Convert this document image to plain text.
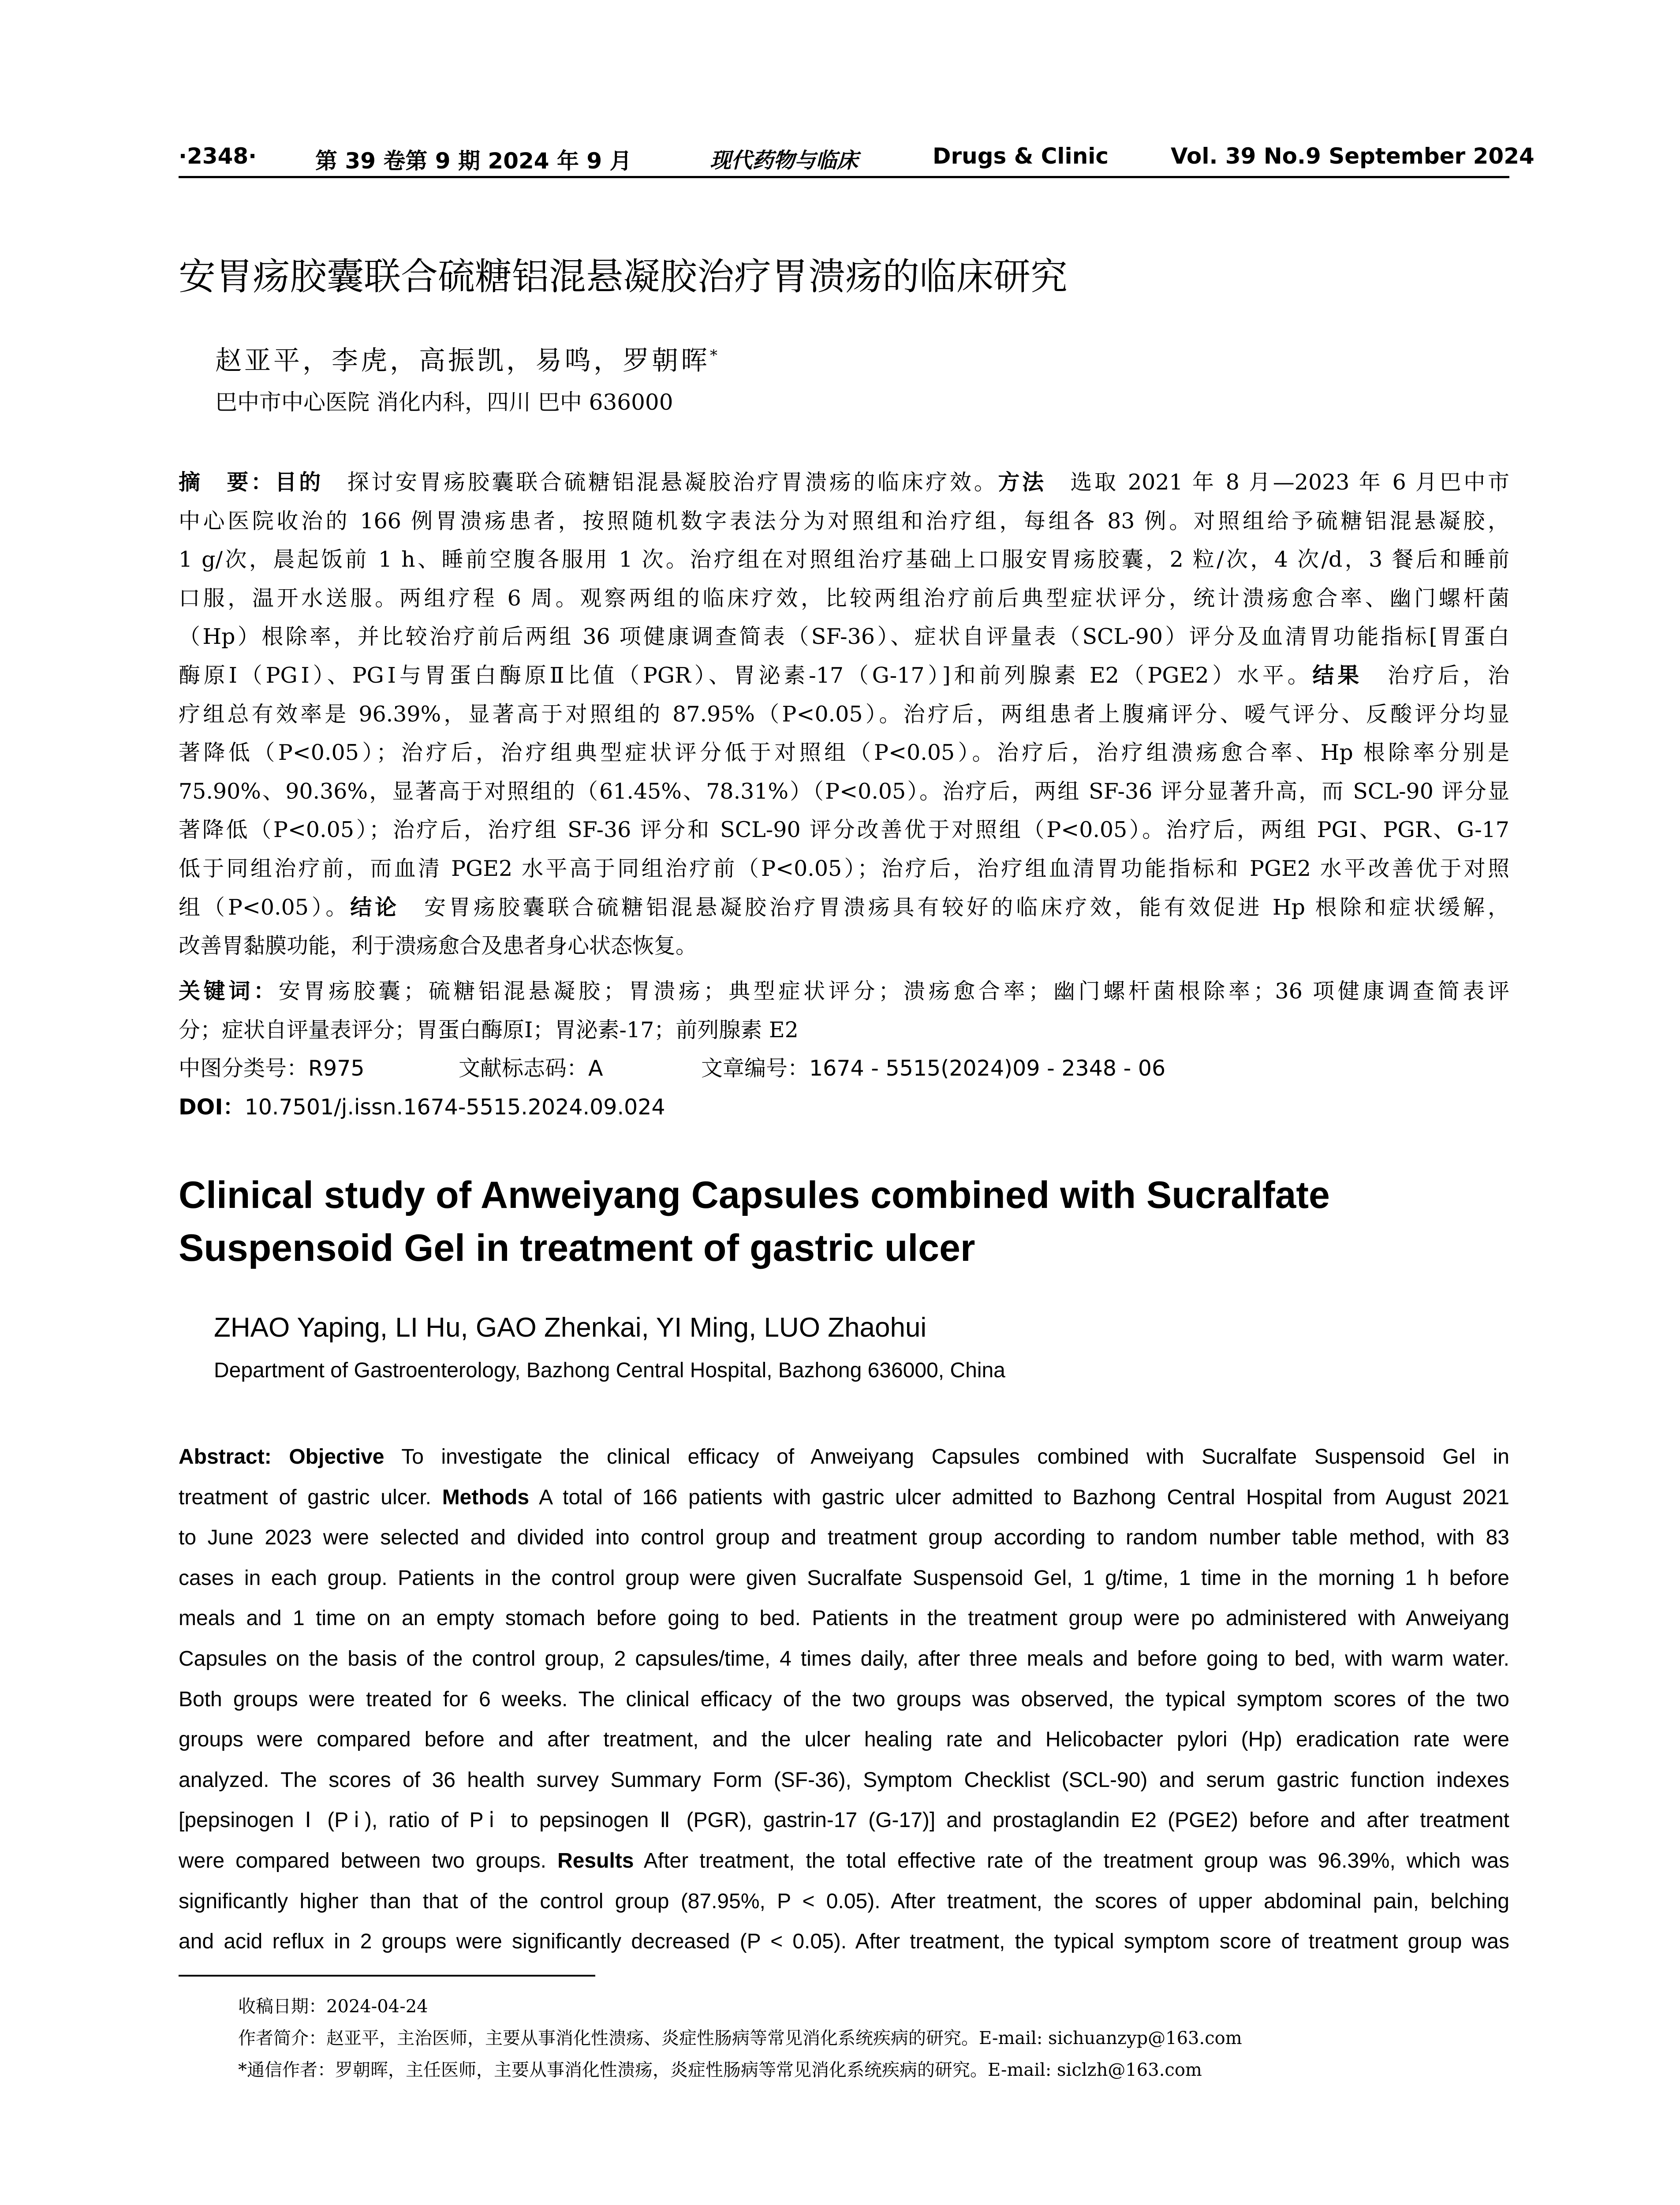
·2348·	第 39 卷第 9 期 2024 年 9 月	现代药物与临床	Drugs & Clinic	Vol. 39 No.9 September 2024
安胃疡胶囊联合硫糖铝混悬凝胶治疗胃溃疡的临床研究
赵亚平，李虎，高振凯，易鸣，罗朝晖*
巴中市中心医院 消化内科，四川 巴中 636000
摘　要：目的　探讨安胃疡胶囊联合硫糖铝混悬凝胶治疗胃溃疡的临床疗效。方法　选取 2021 年 8 月—2023 年 6 月巴中市
中心医院收治的 166 例胃溃疡患者，按照随机数字表法分为对照组和治疗组，每组各 83 例。对照组给予硫糖铝混悬凝胶，
1 g/次，晨起饭前 1 h、睡前空腹各服用 1 次。治疗组在对照组治疗基础上口服安胃疡胶囊，2 粒/次，4 次/d，3 餐后和睡前
口服，温开水送服。两组疗程 6 周。观察两组的临床疗效，比较两组治疗前后典型症状评分，统计溃疡愈合率、幽门螺杆菌
（Hp）根除率，并比较治疗前后两组 36 项健康调查简表（SF-36）、症状自评量表（SCL-90）评分及血清胃功能指标[胃蛋白
酶原Ⅰ（PGⅠ）、PGⅠ与胃蛋白酶原Ⅱ比值（PGR）、胃泌素-17（G-17）]和前列腺素 E2（PGE2）水平。结果　治疗后，治
疗组总有效率是 96.39%，显著高于对照组的 87.95%（P<0.05）。治疗后，两组患者上腹痛评分、嗳气评分、反酸评分均显
著降低（P<0.05）；治疗后，治疗组典型症状评分低于对照组（P<0.05）。治疗后，治疗组溃疡愈合率、Hp 根除率分别是
75.90%、90.36%，显著高于对照组的（61.45%、78.31%）（P<0.05）。治疗后，两组 SF-36 评分显著升高，而 SCL-90 评分显
著降低（P<0.05）；治疗后，治疗组 SF-36 评分和 SCL-90 评分改善优于对照组（P<0.05）。治疗后，两组 PGI、PGR、G-17
低于同组治疗前，而血清 PGE2 水平高于同组治疗前（P<0.05）；治疗后，治疗组血清胃功能指标和 PGE2 水平改善优于对照
组（P<0.05）。结论　安胃疡胶囊联合硫糖铝混悬凝胶治疗胃溃疡具有较好的临床疗效，能有效促进 Hp 根除和症状缓解，
改善胃黏膜功能，利于溃疡愈合及患者身心状态恢复。
关键词：安胃疡胶囊；硫糖铝混悬凝胶；胃溃疡；典型症状评分；溃疡愈合率；幽门螺杆菌根除率；36 项健康调查简表评
分；症状自评量表评分；胃蛋白酶原Ⅰ；胃泌素-17；前列腺素 E2
中图分类号：R975	文献标志码：A	文章编号：1674 - 5515(2024)09 - 2348 - 06
DOI：10.7501/j.issn.1674-5515.2024.09.024
Clinical study of Anweiyang Capsules combined with Sucralfate Suspensoid Gel in treatment of gastric ulcer
ZHAO Yaping, LI Hu, GAO Zhenkai, YI Ming, LUO Zhaohui
Department of Gastroenterology, Bazhong Central Hospital, Bazhong 636000, China
Abstract: Objective To investigate the clinical efficacy of Anweiyang Capsules combined with Sucralfate Suspensoid Gel in
treatment of gastric ulcer. Methods A total of 166 patients with gastric ulcer admitted to Bazhong Central Hospital from August 2021
to June 2023 were selected and divided into control group and treatment group according to random number table method, with 83
cases in each group. Patients in the control group were given Sucralfate Suspensoid Gel, 1 g/time, 1 time in the morning 1 h before
meals and 1 time on an empty stomach before going to bed. Patients in the treatment group were po administered with Anweiyang
Capsules on the basis of the control group, 2 capsules/time, 4 times daily, after three meals and before going to bed, with warm water.
Both groups were treated for 6 weeks. The clinical efficacy of the two groups was observed, the typical symptom scores of the two
groups were compared before and after treatment, and the ulcer healing rate and Helicobacter pylori (Hp) eradication rate were
analyzed. The scores of 36 health survey Summary Form (SF-36), Symptom Checklist (SCL-90) and serum gastric function indexes
[pepsinogen Ⅰ (Pⅰ), ratio of Pⅰ to pepsinogen Ⅱ (PGR), gastrin-17 (G-17)] and prostaglandin E2 (PGE2) before and after treatment
were compared between two groups. Results After treatment, the total effective rate of the treatment group was 96.39%, which was
significantly higher than that of the control group (87.95%, P < 0.05). After treatment, the scores of upper abdominal pain, belching
and acid reflux in 2 groups were significantly decreased (P < 0.05). After treatment, the typical symptom score of treatment group was
收稿日期：2024-04-24
作者简介：赵亚平，主治医师，主要从事消化性溃疡、炎症性肠病等常见消化系统疾病的研究。E-mail: sichuanzyp@163.com
*通信作者：罗朝晖，主任医师，主要从事消化性溃疡，炎症性肠病等常见消化系统疾病的研究。E-mail: siclzh@163.com
